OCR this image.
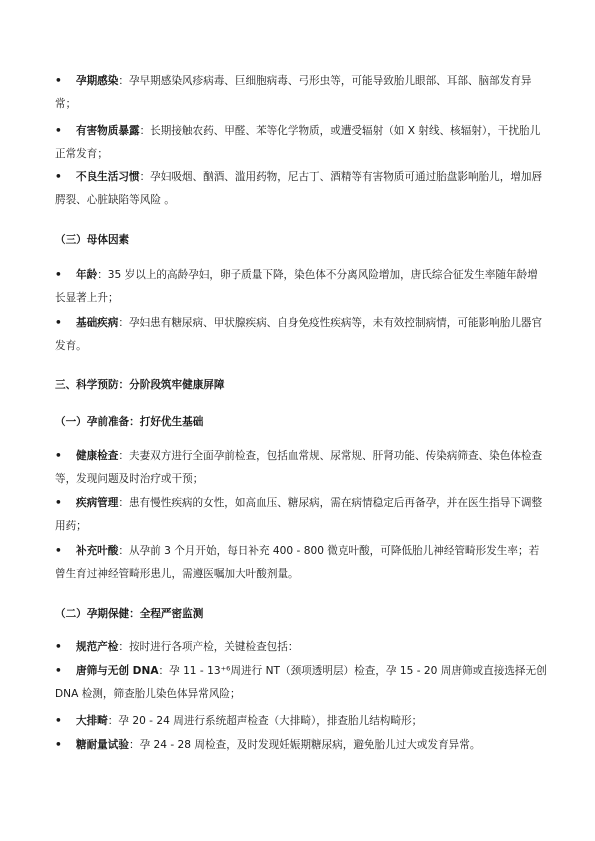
• 孕期感染：孕早期感染风疹病毒、巨细胞病毒、弓形虫等，可能导致胎儿眼部、耳部、脑部发育异常；

• 有害物质暴露：长期接触农药、甲醛、苯等化学物质，或遭受辐射（如 X 射线、核辐射），干扰胎儿正常发育；

• 不良生活习惯：孕妇吸烟、酗酒、滥用药物，尼古丁、酒精等有害物质可通过胎盘影响胎儿，增加唇腭裂、心脏缺陷等风险 。

（三）母体因素

• 年龄：35 岁以上的高龄孕妇，卵子质量下降，染色体不分离风险增加，唐氏综合征发生率随年龄增长显著上升；

• 基础疾病：孕妇患有糖尿病、甲状腺疾病、自身免疫性疾病等，未有效控制病情，可能影响胎儿器官发育。

三、科学预防：分阶段筑牢健康屏障

（一）孕前准备：打好优生基础

• 健康检查：夫妻双方进行全面孕前检查，包括血常规、尿常规、肝肾功能、传染病筛查、染色体检查等，发现问题及时治疗或干预；

• 疾病管理：患有慢性疾病的女性，如高血压、糖尿病，需在病情稳定后再备孕，并在医生指导下调整用药；

• 补充叶酸：从孕前 3 个月开始，每日补充 400 - 800 微克叶酸，可降低胎儿神经管畸形发生率；若曾生育过神经管畸形患儿，需遵医嘱加大叶酸剂量。

（二）孕期保健：全程严密监测

• 规范产检：按时进行各项产检，关键检查包括：

• 唐筛与无创 DNA：孕 11 - 13⁺⁶周进行 NT（颈项透明层）检查，孕 15 - 20 周唐筛或直接选择无创 DNA 检测，筛查胎儿染色体异常风险；

• 大排畸：孕 20 - 24 周进行系统超声检查（大排畸），排查胎儿结构畸形；

• 糖耐量试验：孕 24 - 28 周检查，及时发现妊娠期糖尿病，避免胎儿过大或发育异常。
